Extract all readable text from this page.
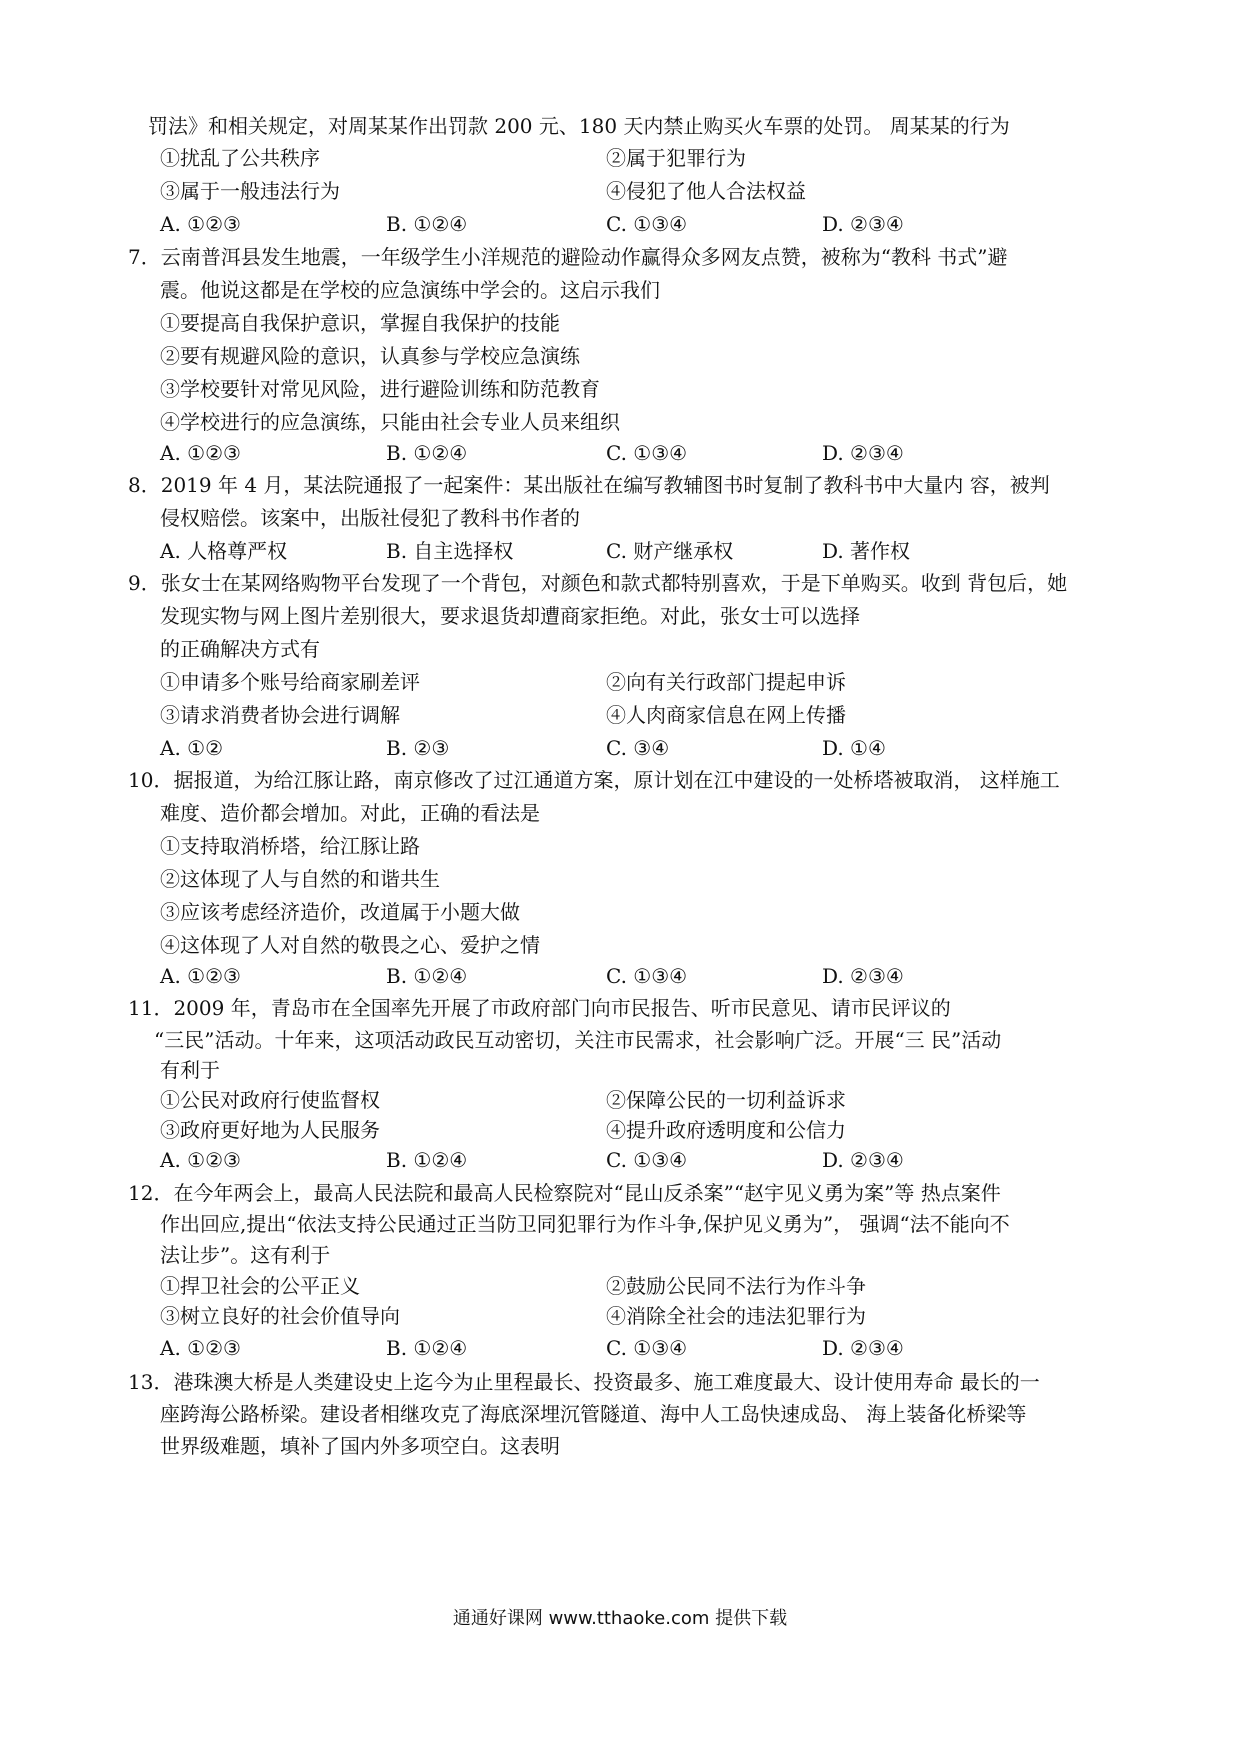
罚法》和相关规定，对周某某作出罚款 200 元、180 天内禁止购买火车票的处罚。 周某某的行为
①扰乱了公共秩序	②属于犯罪行为
③属于一般违法行为	④侵犯了他人合法权益
A. ①②③	B. ①②④	C. ①③④	D. ②③④
7．云南普洱县发生地震，一年级学生小洋规范的避险动作赢得众多网友点赞，被称为“教科 书式”避
震。他说这都是在学校的应急演练中学会的。这启示我们
①要提高自我保护意识，掌握自我保护的技能
②要有规避风险的意识，认真参与学校应急演练
③学校要针对常见风险，进行避险训练和防范教育
④学校进行的应急演练，只能由社会专业人员来组织
A. ①②③	B. ①②④	C. ①③④	D. ②③④
8．2019 年 4 月，某法院通报了一起案件：某出版社在编写教辅图书时复制了教科书中大量内 容，被判
侵权赔偿。该案中，出版社侵犯了教科书作者的
A. 人格尊严权	B. 自主选择权	C. 财产继承权	D. 著作权
9．张女士在某网络购物平台发现了一个背包，对颜色和款式都特别喜欢，于是下单购买。收到 背包后，她
发现实物与网上图片差别很大，要求退货却遭商家拒绝。对此，张女士可以选择
的正确解决方式有
①申请多个账号给商家刷差评	②向有关行政部门提起申诉
③请求消费者协会进行调解	④人肉商家信息在网上传播
A. ①②	B. ②③	C. ③④	D. ①④
10．据报道，为给江豚让路，南京修改了过江通道方案，原计划在江中建设的一处桥塔被取消， 这样施工
难度、造价都会增加。对此，正确的看法是
①支持取消桥塔，给江豚让路
②这体现了人与自然的和谐共生
③应该考虑经济造价，改道属于小题大做
④这体现了人对自然的敬畏之心、爱护之情
A. ①②③	B. ①②④	C. ①③④	D. ②③④
11．2009 年，青岛市在全国率先开展了市政府部门向市民报告、听市民意见、请市民评议的
“三民”活动。十年来，这项活动政民互动密切，关注市民需求，社会影响广泛。开展“三 民”活动
有利于
①公民对政府行使监督权	②保障公民的一切利益诉求
③政府更好地为人民服务	④提升政府透明度和公信力
A. ①②③	B. ①②④	C. ①③④	D. ②③④
12．在今年两会上，最高人民法院和最高人民检察院对“昆山反杀案”“赵宇见义勇为案”等 热点案件
作出回应,提出“依法支持公民通过正当防卫同犯罪行为作斗争,保护见义勇为”， 强调“法不能向不
法让步”。这有利于
①捍卫社会的公平正义	②鼓励公民同不法行为作斗争
③树立良好的社会价值导向	④消除全社会的违法犯罪行为
A. ①②③	B. ①②④	C. ①③④	D. ②③④
13．港珠澳大桥是人类建设史上迄今为止里程最长、投资最多、施工难度最大、设计使用寿命 最长的一
座跨海公路桥梁。建设者相继攻克了海底深埋沉管隧道、海中人工岛快速成岛、 海上装备化桥梁等
世界级难题，填补了国内外多项空白。这表明
通通好课网 www.tthaoke.com 提供下载
